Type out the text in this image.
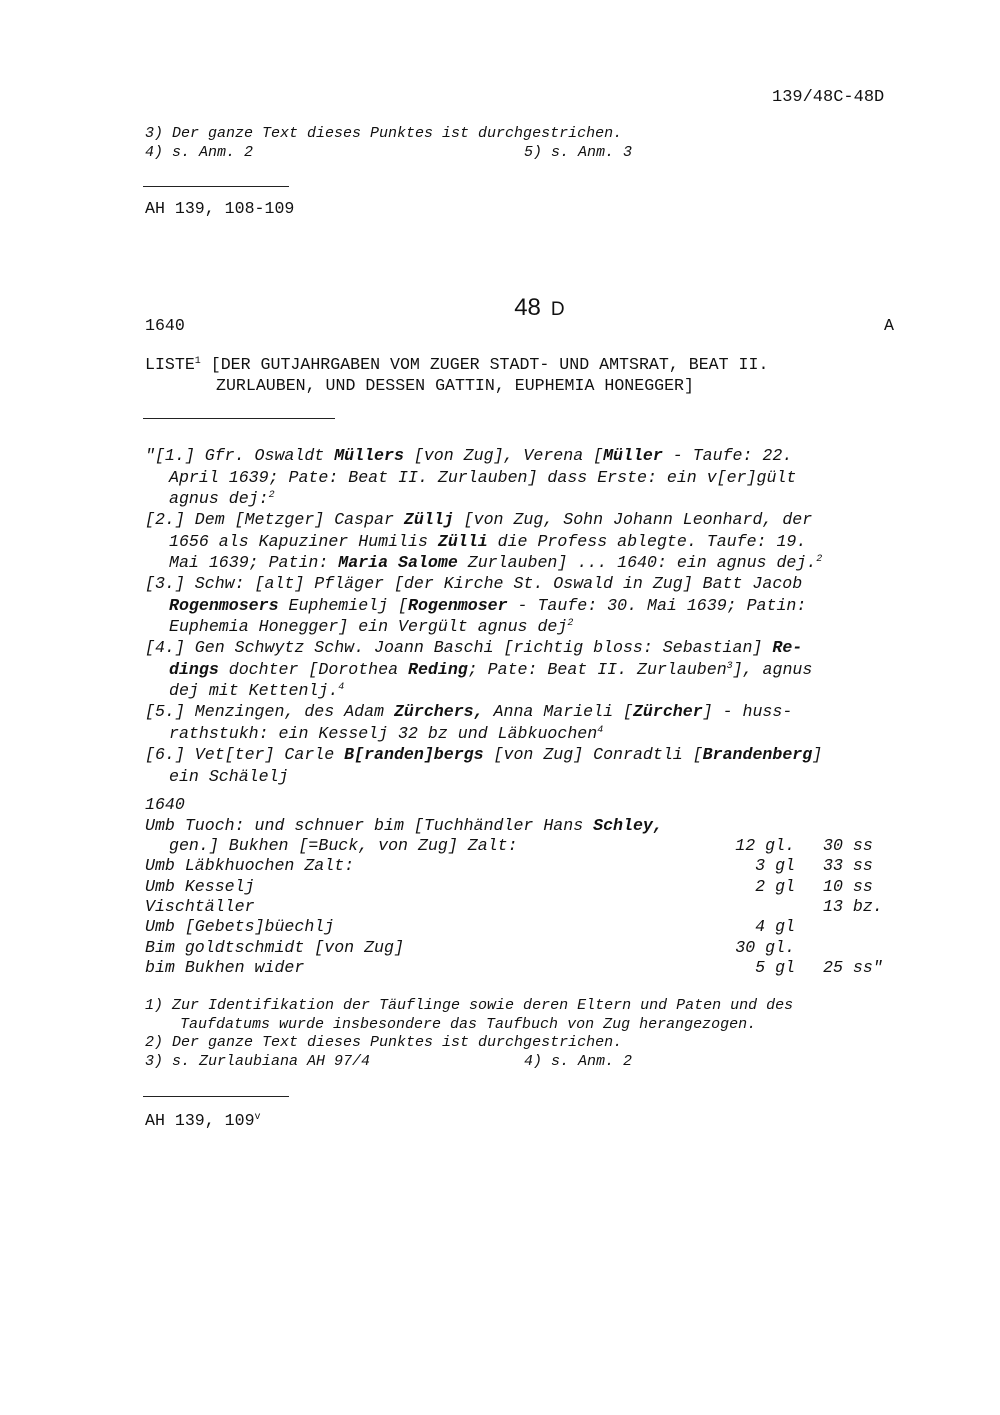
139/48C-48D
3) Der ganze Text dieses Punktes ist durchgestrichen.
4) s. Anm. 2	5) s. Anm. 3
AH 139, 108-109

48 D

1640	A
LISTE$^1$ [DER GUTJAHRGABEN VOM ZUGER STADT- UND AMTSRAT, BEAT II.
ZURLAUBEN, UND DESSEN GATTIN, EUPHEMIA HONEGGER]
"[1.] Gfr. Oswaldt Müllers [von Zug], Verena [Müller - Taufe: 22.
April 1639; Pate: Beat II. Zurlauben] dass Erste: ein v[er]gült
agnus dej:$^2$
[2.] Dem [Metzger] Caspar Züllj [von Zug, Sohn Johann Leonhard, der
1656 als Kapuziner Humilis Zülli die Profess ablegte. Taufe: 19.
Mai 1639; Patin: Maria Salome Zurlauben] ... 1640: ein agnus dej.$^2$
[3.] Schw: [alt] Pfläger [der Kirche St. Oswald in Zug] Batt Jacob
Rogenmosers Euphemielj [Rogenmoser - Taufe: 30. Mai 1639; Patin:
Euphemia Honegger] ein Vergült agnus dej$^2$
[4.] Gen Schwytz Schw. Joann Baschi [richtig bloss: Sebastian] Re-
dings dochter [Dorothea Reding; Pate: Beat II. Zurlauben$^3$], agnus
dej mit Kettenlj.$^4$
[5.] Menzingen, des Adam Zürchers, Anna Marieli [Zürcher] - huss-
rathstukh: ein Kesselj 32 bz und Läbkuochen$^4$
[6.] Vet[ter] Carle B[randen]bergs [von Zug] Conradtli [Brandenberg]
ein Schälelj
1640
Umb Tuoch: und schnuer bim [Tuchhändler Hans Schley,
gen.] Bukhen [=Buck, von Zug] Zalt:	12 gl. 30 ss
Umb Läbkhuochen Zalt:	3 gl 33 ss
Umb Kesselj	2 gl 10 ss
Vischtäller	13 bz.
Umb [Gebets]büechlj	4 gl
Bim goldtschmidt [von Zug]	30 gl.
bim Bukhen wider	5 gl 25 ss"
1) Zur Identifikation der Täuflinge sowie deren Eltern und Paten und des
Taufdatums wurde insbesondere das Taufbuch von Zug herangezogen.
2) Der ganze Text dieses Punktes ist durchgestrichen.
3) s. Zurlaubiana AH 97/4	4) s. Anm. 2
AH 139, 109$^v$
